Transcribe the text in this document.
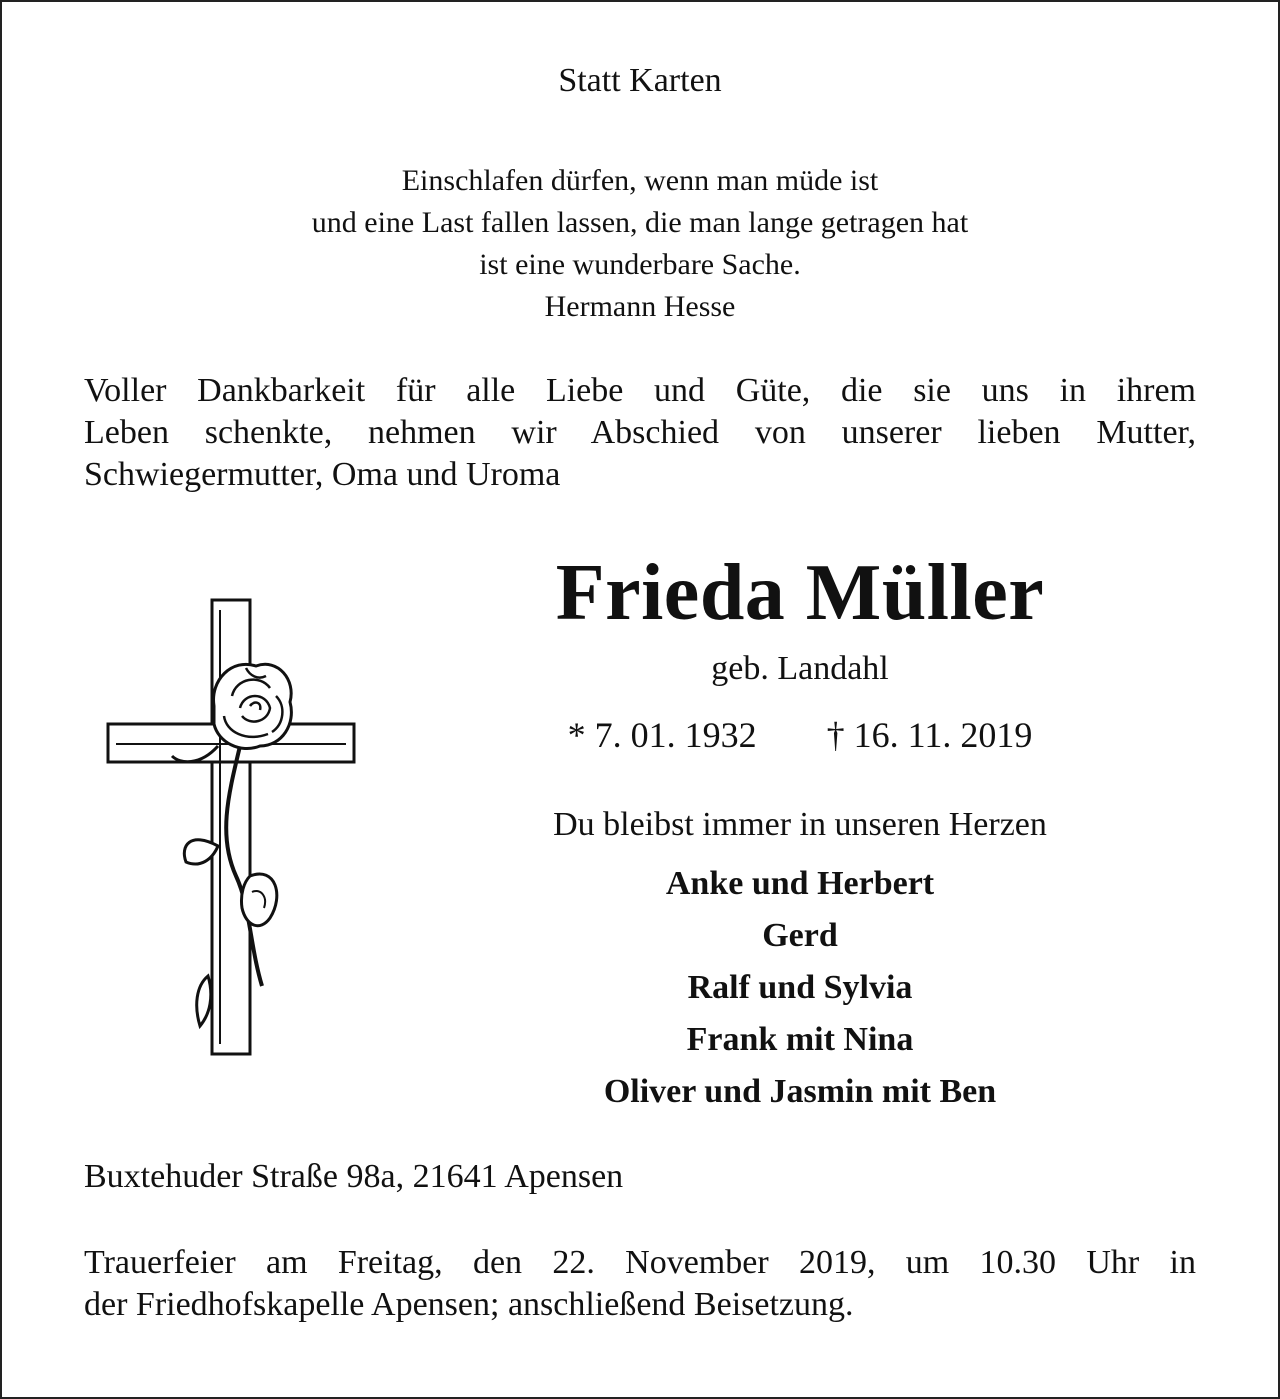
Statt Karten
Einschlafen dürfen, wenn man müde ist
und eine Last fallen lassen, die man lange getragen hat
ist eine wunderbare Sache.
Hermann Hesse
Voller Dankbarkeit für alle Liebe und Güte, die sie uns in ihrem
Leben schenkte, nehmen wir Abschied von unserer lieben Mutter,
Schwiegermutter, Oma und Uroma
Frieda Müller
geb. Landahl
* 7. 01. 1932 † 16. 11. 2019
Du bleibst immer in unseren Herzen
Anke und Herbert
Gerd
Ralf und Sylvia
Frank mit Nina
Oliver und Jasmin mit Ben
Buxtehuder Straße 98a, 21641 Apensen
Trauerfeier am Freitag, den 22. November 2019, um 10.30 Uhr in
der Friedhofskapelle Apensen; anschließend Beisetzung.
